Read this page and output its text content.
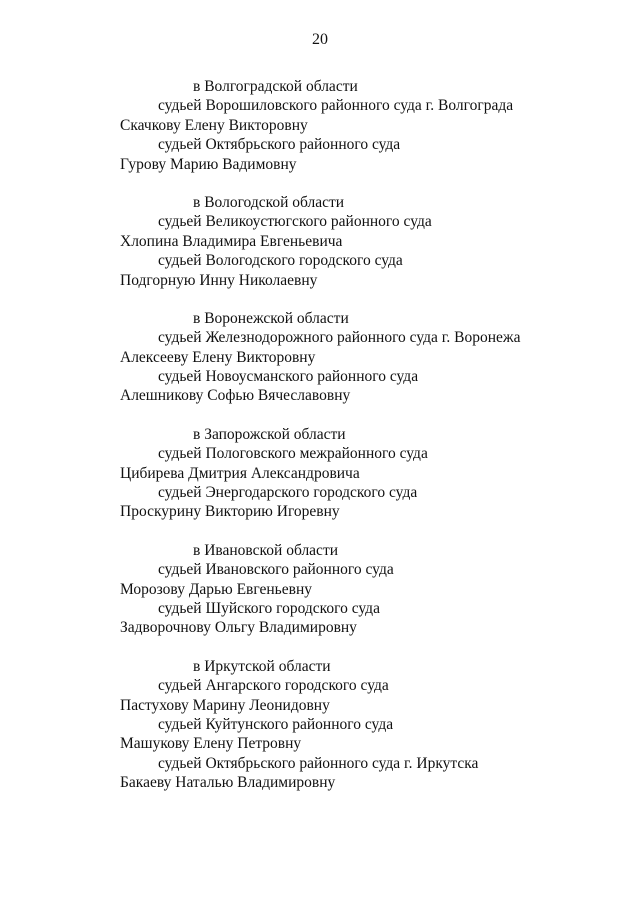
20
в Волгоградской области
судьей Ворошиловского районного суда г. Волгограда
Скачкову Елену Викторовну
судьей Октябрьского районного суда
Гурову Марию Вадимовну
в Вологодской области
судьей Великоустюгского районного суда
Хлопина Владимира Евгеньевича
судьей Вологодского городского суда
Подгорную Инну Николаевну
в Воронежской области
судьей Железнодорожного районного суда г. Воронежа
Алексееву Елену Викторовну
судьей Новоусманского районного суда
Алешникову Софью Вячеславовну
в Запорожской области
судьей Пологовского межрайонного суда
Цибирева Дмитрия Александровича
судьей Энергодарского городского суда
Проскурину Викторию Игоревну
в Ивановской области
судьей Ивановского районного суда
Морозову Дарью Евгеньевну
судьей Шуйского городского суда
Задворочнову Ольгу Владимировну
в Иркутской области
судьей Ангарского городского суда
Пастухову Марину Леонидовну
судьей Куйтунского районного суда
Машукову Елену Петровну
судьей Октябрьского районного суда г. Иркутска
Бакаеву Наталью Владимировну
